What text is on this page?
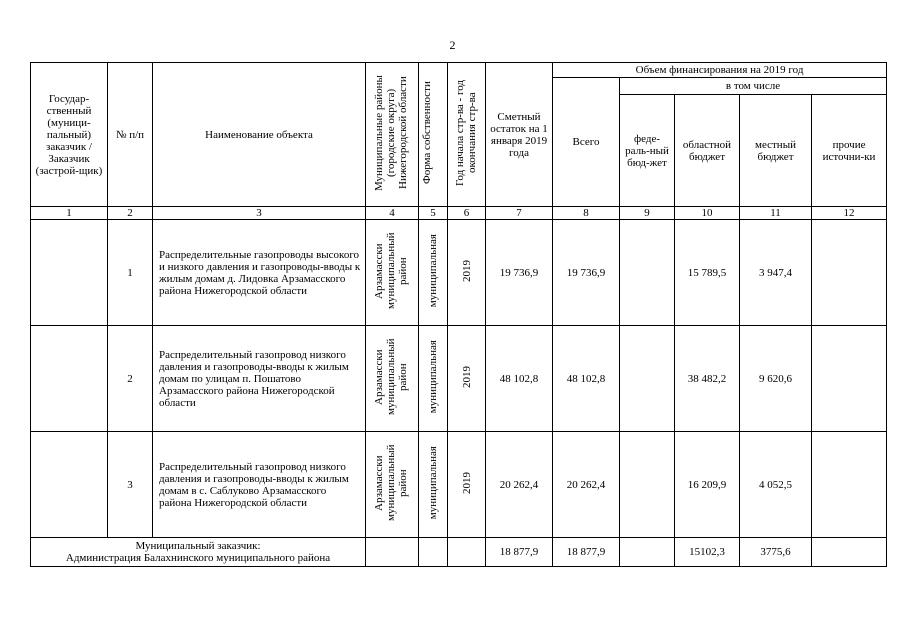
2
Государ-ственный (муници-пальный) заказчик / Заказчик (застрой-щик)	№ п/п	Наименование объекта	Муниципальные районы (городские округа) Нижегородской области	Форма собственности	Год начала стр-ва - год окончания стр-ва	Сметный остаток на 1 января 2019 года	Объем финансирования на 2019 год				
							Всего	в том числе			
								феде-раль-ный бюд-жет	областной бюджет	местный бюджет	прочие источни-ки
1	2	3	4	5	6	7	8	9	10	11	12
	1	Распределительные газопроводы высокого и низкого давления и газопроводы-вводы к жилым домам д. Лидовка Арзамасского района Нижегородской области	Арзамасски муниципальный район	муниципальная	2019	19 736,9	19 736,9		15 789,5	3 947,4	
	2	Распределительный газопровод низкого давления и газопроводы-вводы к жилым домам по улицам п. Пошатово Арзамасского района Нижегородской области	Арзамасски муниципальный район	муниципальная	2019	48 102,8	48 102,8		38 482,2	9 620,6	
	3	Распределительный газопровод низкого давления и газопроводы-вводы к жилым домам в с. Саблуково Арзамасского района Нижегородской области	Арзамасски муниципальный район	муниципальная	2019	20 262,4	20 262,4		16 209,9	4 052,5	

Муниципальный заказчик:
Администрация Балахнинского муниципального района						18 877,9	18 877,9		15102,3	3775,6	
